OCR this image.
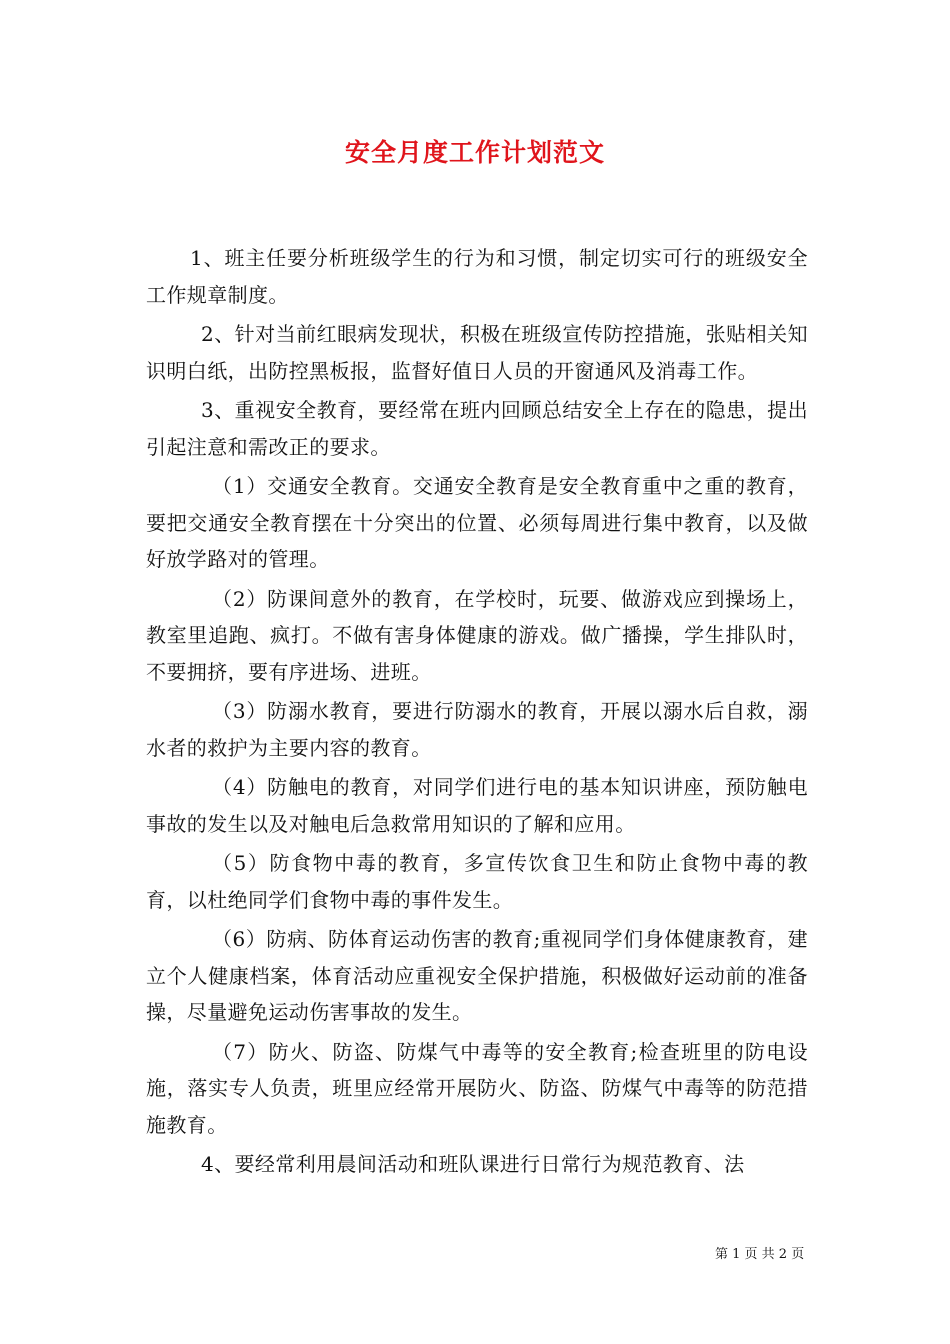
安全月度工作计划范文

1、班主任要分析班级学生的行为和习惯，制定切实可行的班级安全工作规章制度。

2、针对当前红眼病发现状，积极在班级宣传防控措施，张贴相关知识明白纸，出防控黑板报，监督好值日人员的开窗通风及消毒工作。

3、重视安全教育，要经常在班内回顾总结安全上存在的隐患，提出引起注意和需改正的要求。

（1）交通安全教育。交通安全教育是安全教育重中之重的教育，要把交通安全教育摆在十分突出的位置、必须每周进行集中教育，以及做好放学路对的管理。

（2）防课间意外的教育，在学校时，玩要、做游戏应到操场上，教室里追跑、疯打。不做有害身体健康的游戏。做广播操，学生排队时，不要拥挤，要有序进场、进班。

（3）防溺水教育，要进行防溺水的教育，开展以溺水后自救，溺水者的救护为主要内容的教育。

（4）防触电的教育，对同学们进行电的基本知识讲座，预防触电事故的发生以及对触电后急救常用知识的了解和应用。

（5）防食物中毒的教育，多宣传饮食卫生和防止食物中毒的教育，以杜绝同学们食物中毒的事件发生。

（6）防病、防体育运动伤害的教育;重视同学们身体健康教育，建立个人健康档案，体育活动应重视安全保护措施，积极做好运动前的准备操，尽量避免运动伤害事故的发生。

（7）防火、防盗、防煤气中毒等的安全教育;检查班里的防电设施，落实专人负责，班里应经常开展防火、防盗、防煤气中毒等的防范措施教育。

4、要经常利用晨间活动和班队课进行日常行为规范教育、法

第 1 页 共 2 页
